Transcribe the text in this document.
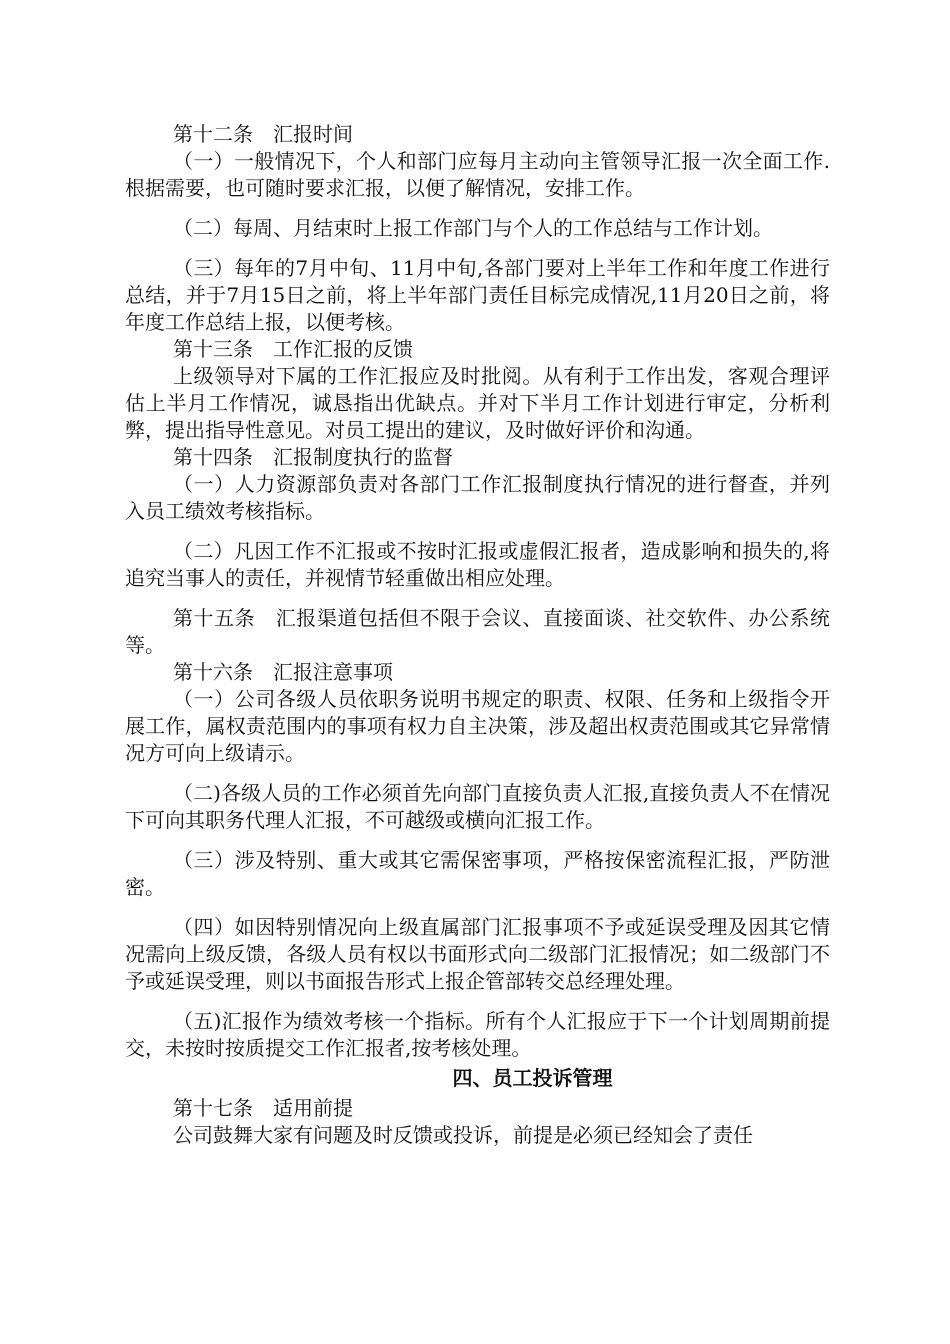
第十二条　汇报时间

（一）一般情况下，个人和部门应每月主动向主管领导汇报一次全面工作.根据需要，也可随时要求汇报，以便了解情况，安排工作。

（二）每周、月结束时上报工作部门与个人的工作总结与工作计划。

（三）每年的7月中旬、11月中旬,各部门要对上半年工作和年度工作进行总结，并于7月15日之前，将上半年部门责任目标完成情况,11月20日之前，将年度工作总结上报，以便考核。

第十三条　工作汇报的反馈

上级领导对下属的工作汇报应及时批阅。从有利于工作出发，客观合理评估上半月工作情况，诚恳指出优缺点。并对下半月工作计划进行审定，分析利弊，提出指导性意见。对员工提出的建议，及时做好评价和沟通。

第十四条　汇报制度执行的监督

（一）人力资源部负责对各部门工作汇报制度执行情况的进行督查，并列入员工绩效考核指标。

（二）凡因工作不汇报或不按时汇报或虚假汇报者，造成影响和损失的,将追究当事人的责任，并视情节轻重做出相应处理。

第十五条　汇报渠道包括但不限于会议、直接面谈、社交软件、办公系统等。

第十六条　汇报注意事项

（一）公司各级人员依职务说明书规定的职责、权限、任务和上级指令开展工作，属权责范围内的事项有权力自主决策，涉及超出权责范围或其它异常情况方可向上级请示。

（二)各级人员的工作必须首先向部门直接负责人汇报,直接负责人不在情况下可向其职务代理人汇报，不可越级或横向汇报工作。

（三）涉及特别、重大或其它需保密事项，严格按保密流程汇报，严防泄密。

（四）如因特别情况向上级直属部门汇报事项不予或延误受理及因其它情况需向上级反馈，各级人员有权以书面形式向二级部门汇报情况；如二级部门不予或延误受理，则以书面报告形式上报企管部转交总经理处理。

（五)汇报作为绩效考核一个指标。所有个人汇报应于下一个计划周期前提交，未按时按质提交工作汇报者,按考核处理。

四、员工投诉管理

第十七条　适用前提

公司鼓舞大家有问题及时反馈或投诉，前提是必须已经知会了责任
